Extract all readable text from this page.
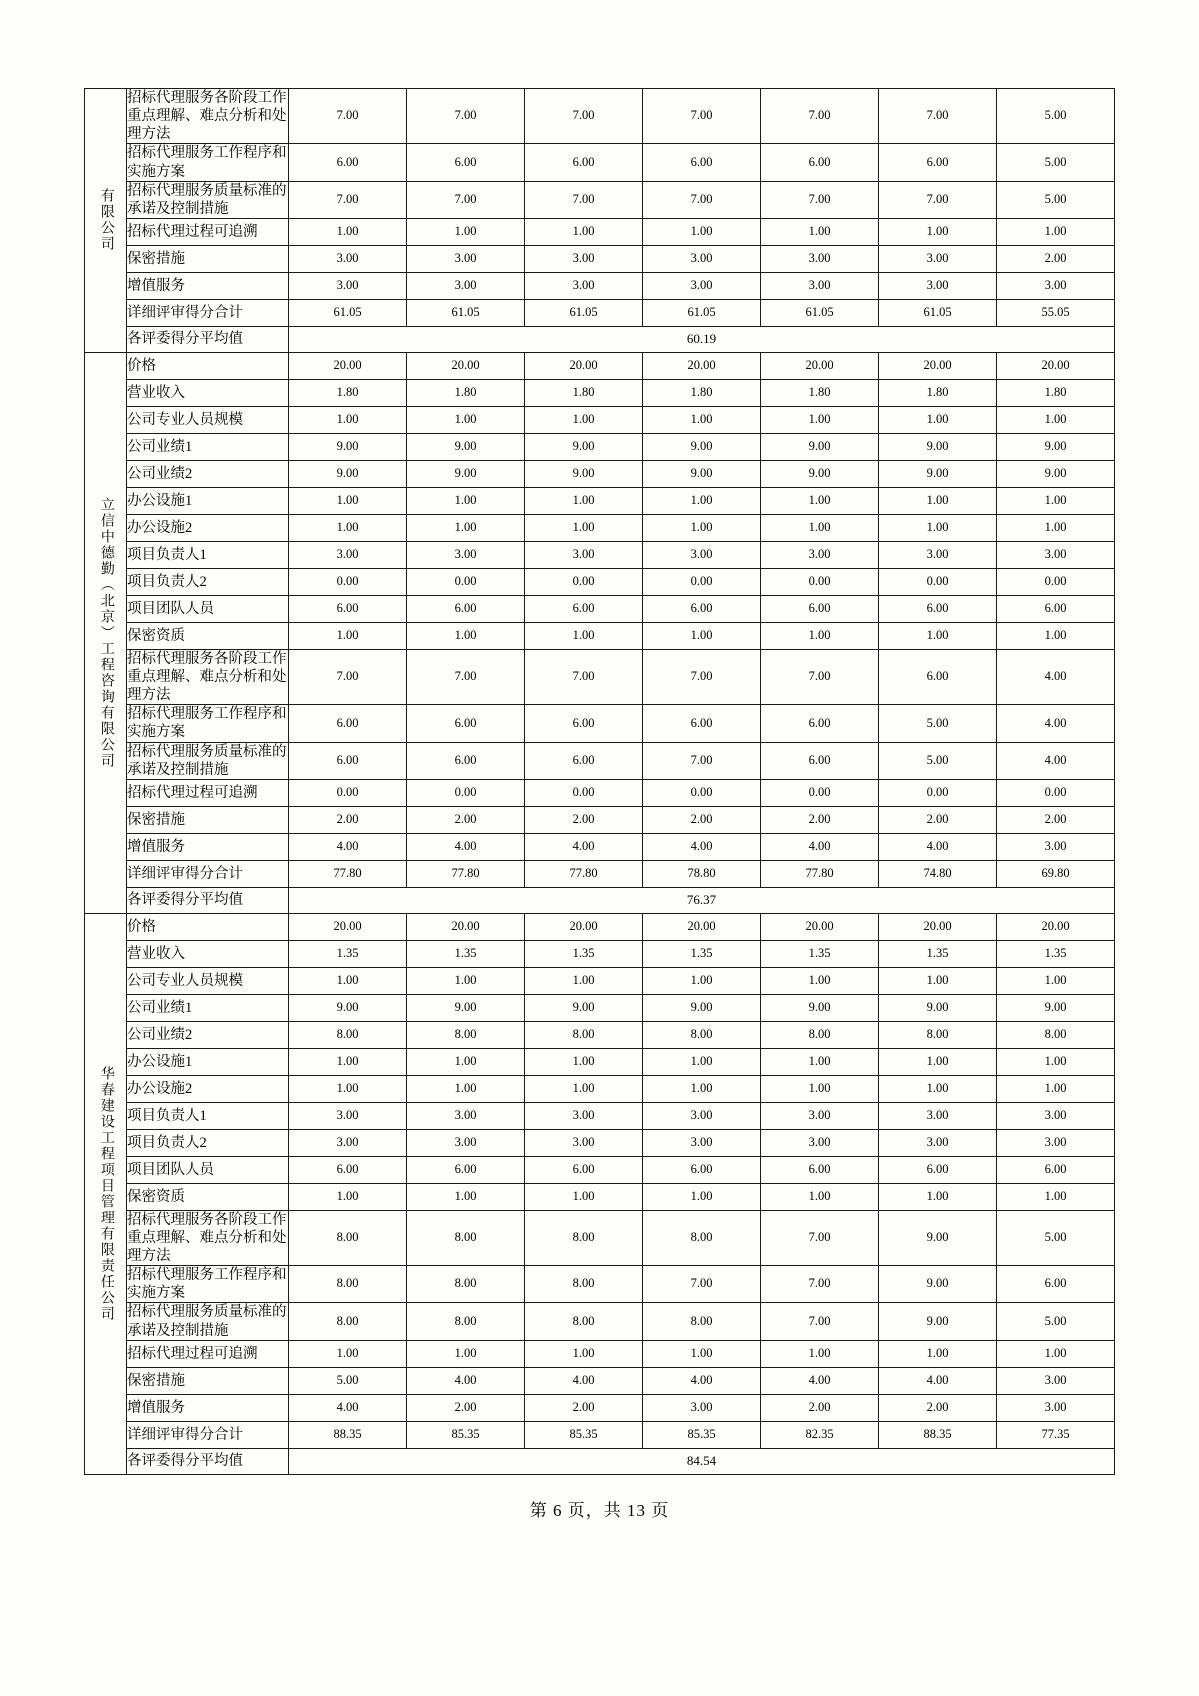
有限公司	招标代理服务各阶段工作重点理解、难点分析和处理方法	7.00	7.00	7.00	7.00	7.00	7.00	5.00
	招标代理服务工作程序和实施方案	6.00	6.00	6.00	6.00	6.00	6.00	5.00
	招标代理服务质量标准的承诺及控制措施	7.00	7.00	7.00	7.00	7.00	7.00	5.00
	招标代理过程可追溯	1.00	1.00	1.00	1.00	1.00	1.00	1.00
	保密措施	3.00	3.00	3.00	3.00	3.00	3.00	2.00
	增值服务	3.00	3.00	3.00	3.00	3.00	3.00	3.00
	详细评审得分合计	61.05	61.05	61.05	61.05	61.05	61.05	55.05
	各评委得分平均值	60.19						

立信中德勤（北京）工程咨询有限公司	价格	20.00	20.00	20.00	20.00	20.00	20.00	20.00
	营业收入	1.80	1.80	1.80	1.80	1.80	1.80	1.80
	公司专业人员规模	1.00	1.00	1.00	1.00	1.00	1.00	1.00
	公司业绩1	9.00	9.00	9.00	9.00	9.00	9.00	9.00
	公司业绩2	9.00	9.00	9.00	9.00	9.00	9.00	9.00
	办公设施1	1.00	1.00	1.00	1.00	1.00	1.00	1.00
	办公设施2	1.00	1.00	1.00	1.00	1.00	1.00	1.00
	项目负责人1	3.00	3.00	3.00	3.00	3.00	3.00	3.00
	项目负责人2	0.00	0.00	0.00	0.00	0.00	0.00	0.00
	项目团队人员	6.00	6.00	6.00	6.00	6.00	6.00	6.00
	保密资质	1.00	1.00	1.00	1.00	1.00	1.00	1.00
	招标代理服务各阶段工作重点理解、难点分析和处理方法	7.00	7.00	7.00	7.00	7.00	6.00	4.00
	招标代理服务工作程序和实施方案	6.00	6.00	6.00	6.00	6.00	5.00	4.00
	招标代理服务质量标准的承诺及控制措施	6.00	6.00	6.00	7.00	6.00	5.00	4.00
	招标代理过程可追溯	0.00	0.00	0.00	0.00	0.00	0.00	0.00
	保密措施	2.00	2.00	2.00	2.00	2.00	2.00	2.00
	增值服务	4.00	4.00	4.00	4.00	4.00	4.00	3.00
	详细评审得分合计	77.80	77.80	77.80	78.80	77.80	74.80	69.80
	各评委得分平均值	76.37						

华春建设工程项目管理有限责任公司	价格	20.00	20.00	20.00	20.00	20.00	20.00	20.00
	营业收入	1.35	1.35	1.35	1.35	1.35	1.35	1.35
	公司专业人员规模	1.00	1.00	1.00	1.00	1.00	1.00	1.00
	公司业绩1	9.00	9.00	9.00	9.00	9.00	9.00	9.00
	公司业绩2	8.00	8.00	8.00	8.00	8.00	8.00	8.00
	办公设施1	1.00	1.00	1.00	1.00	1.00	1.00	1.00
	办公设施2	1.00	1.00	1.00	1.00	1.00	1.00	1.00
	项目负责人1	3.00	3.00	3.00	3.00	3.00	3.00	3.00
	项目负责人2	3.00	3.00	3.00	3.00	3.00	3.00	3.00
	项目团队人员	6.00	6.00	6.00	6.00	6.00	6.00	6.00
	保密资质	1.00	1.00	1.00	1.00	1.00	1.00	1.00
	招标代理服务各阶段工作重点理解、难点分析和处理方法	8.00	8.00	8.00	8.00	7.00	9.00	5.00
	招标代理服务工作程序和实施方案	8.00	8.00	8.00	7.00	7.00	9.00	6.00
	招标代理服务质量标准的承诺及控制措施	8.00	8.00	8.00	8.00	7.00	9.00	5.00
	招标代理过程可追溯	1.00	1.00	1.00	1.00	1.00	1.00	1.00
	保密措施	5.00	4.00	4.00	4.00	4.00	4.00	3.00
	增值服务	4.00	2.00	2.00	3.00	2.00	2.00	3.00
	详细评审得分合计	88.35	85.35	85.35	85.35	82.35	88.35	77.35
	各评委得分平均值	84.54						
第 6 页，共 13 页
